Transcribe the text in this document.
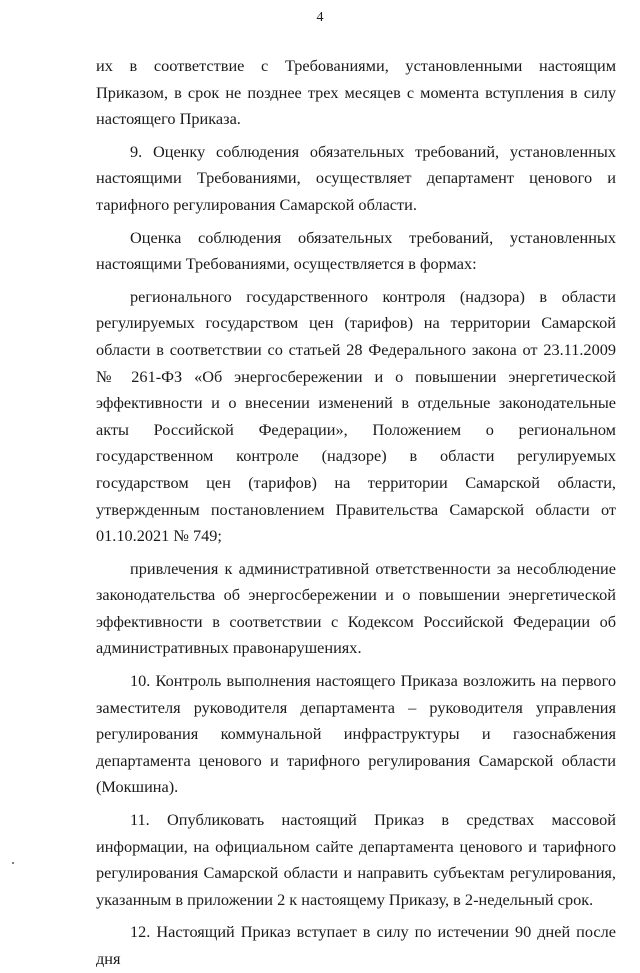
4

их в соответствие с Требованиями, установленными настоящим Приказом, в срок не позднее трех месяцев с момента вступления в силу настоящего Приказа.

9. Оценку соблюдения обязательных требований, установленных настоящими Требованиями, осуществляет департамент ценового и тарифного регулирования Самарской области.

Оценка соблюдения обязательных требований, установленных настоящими Требованиями, осуществляется в формах:

регионального государственного контроля (надзора) в области регулируемых государством цен (тарифов) на территории Самарской области в соответствии со статьей 28 Федерального закона от 23.11.2009 № 261-ФЗ «Об энергосбережении и о повышении энергетической эффективности и о внесении изменений в отдельные законодательные акты Российской Федерации», Положением о региональном государственном контроле (надзоре) в области регулируемых государством цен (тарифов) на территории Самарской области, утвержденным постановлением Правительства Самарской области от 01.10.2021 № 749;

привлечения к административной ответственности за несоблюдение законодательства об энергосбережении и о повышении энергетической эффективности в соответствии с Кодексом Российской Федерации об административных правонарушениях.

10. Контроль выполнения настоящего Приказа возложить на первого заместителя руководителя департамента – руководителя управления регулирования коммунальной инфраструктуры и газоснабжения департамента ценового и тарифного регулирования Самарской области (Мокшина).

11. Опубликовать настоящий Приказ в средствах массовой информации, на официальном сайте департамента ценового и тарифного регулирования Самарской области и направить субъектам регулирования, указанным в приложении 2 к настоящему Приказу, в 2-недельный срок.

12. Настоящий Приказ вступает в силу по истечении 90 дней после дня
